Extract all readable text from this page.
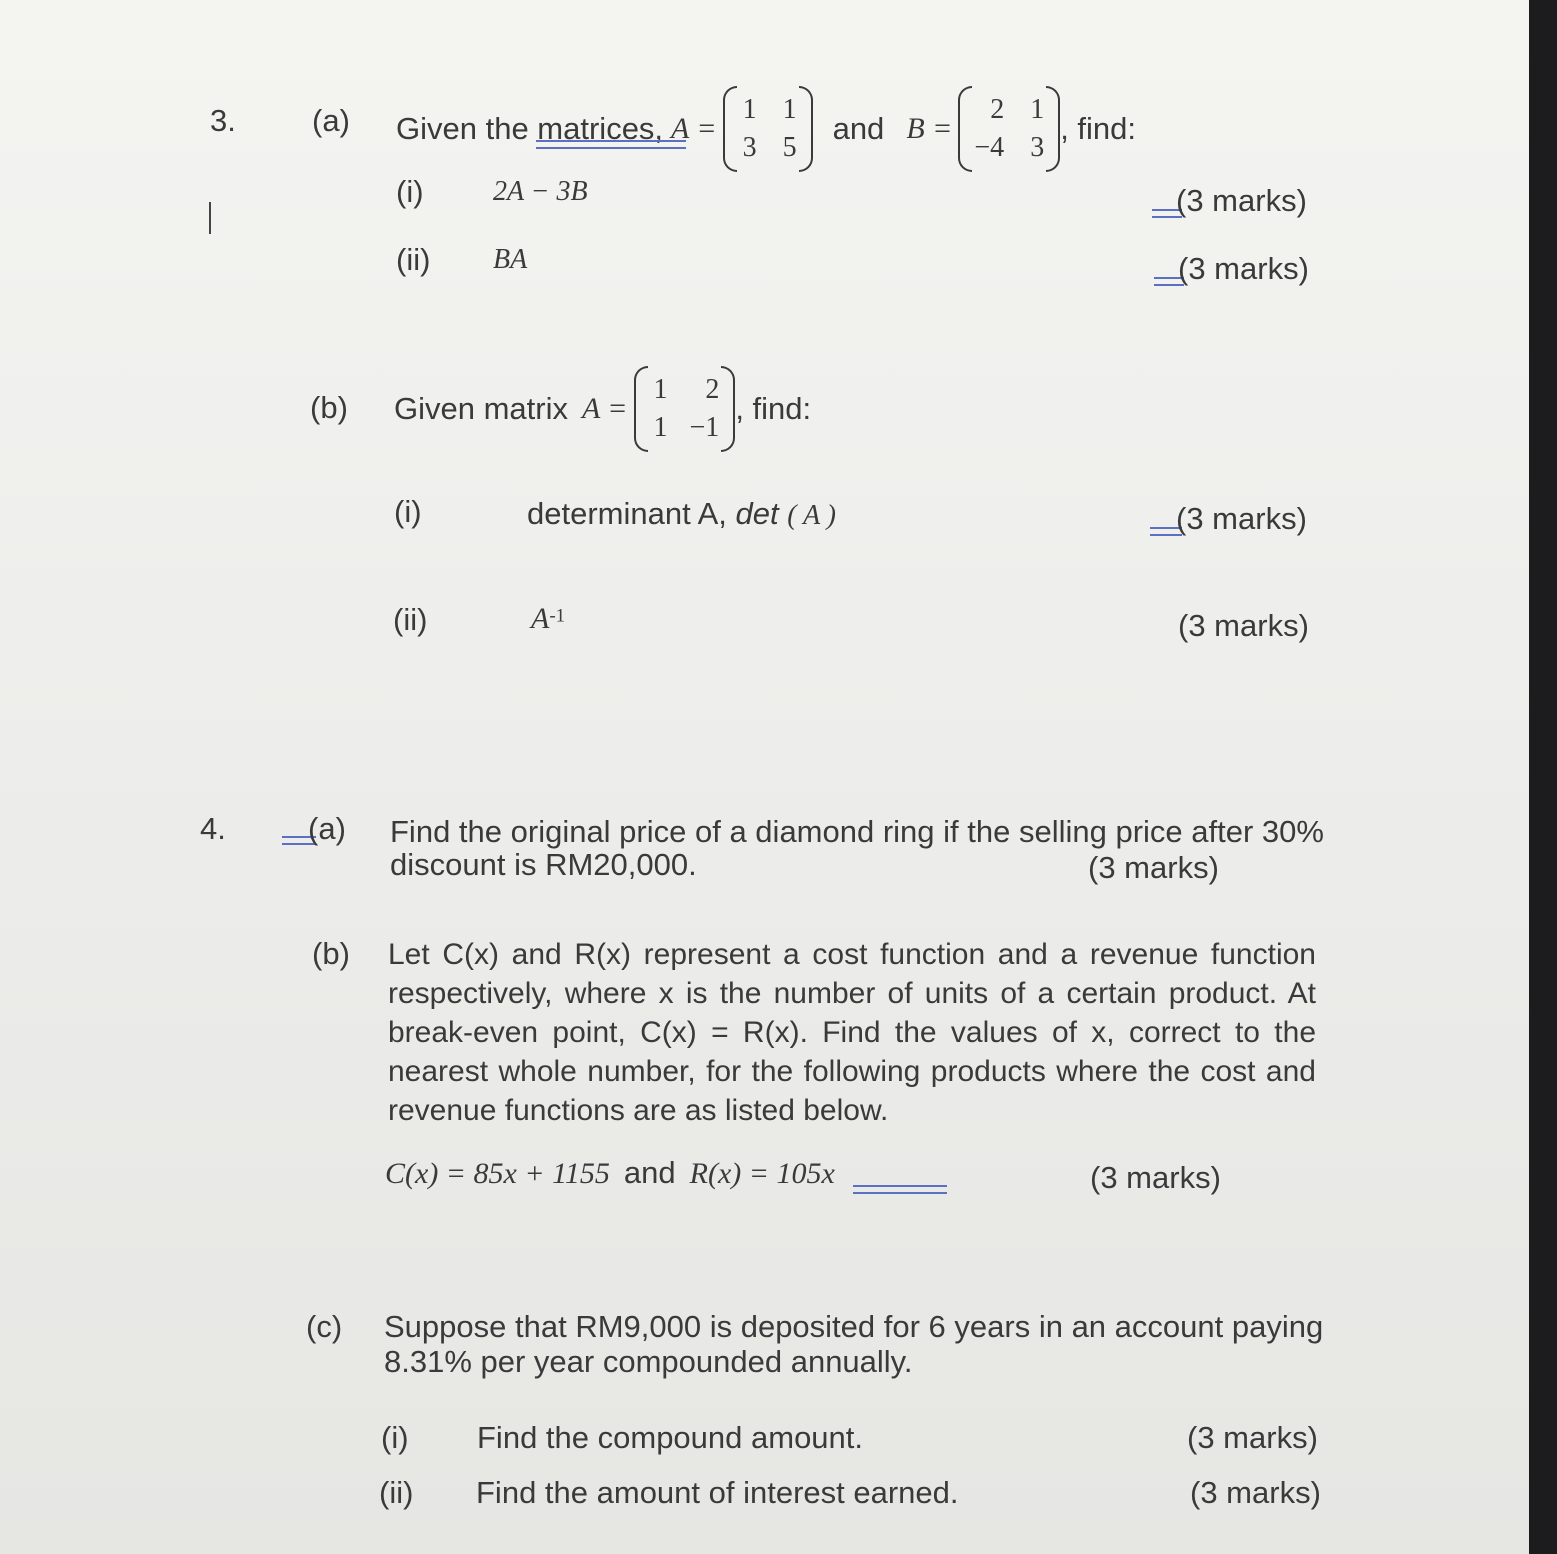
3. (a) Given the matrices, A =
1 1
3 5
and B =
2 1
−4 3
, find:
(i) 2A − 3B	(3 marks)
(ii) BA	(3 marks)
(b) Given matrix A =
1	2
1 −1
, find:
(i)	determinant A, det ( A )	(3 marks)
(ii)	$A^{-1}$	(3 marks)
4.	(a) Find the original price of a diamond ring if the selling price after 30%
discount is RM20,000.	(3 marks)
(b) Let C(x) and R(x) represent a cost function and a revenue function respectively, where x is the number of units of a certain product. At break-even point, C(x) = R(x). Find the values of x, correct to the nearest whole number, for the following products where the cost and revenue functions are as listed below.
C(x) = 85x + 1155 and R(x) = 105x	(3 marks)
(c) Suppose that RM9,000 is deposited for 6 years in an account paying
8.31% per year compounded annually.
(i) Find the compound amount.	(3 marks)
(ii) Find the amount of interest earned.	(3 marks)
